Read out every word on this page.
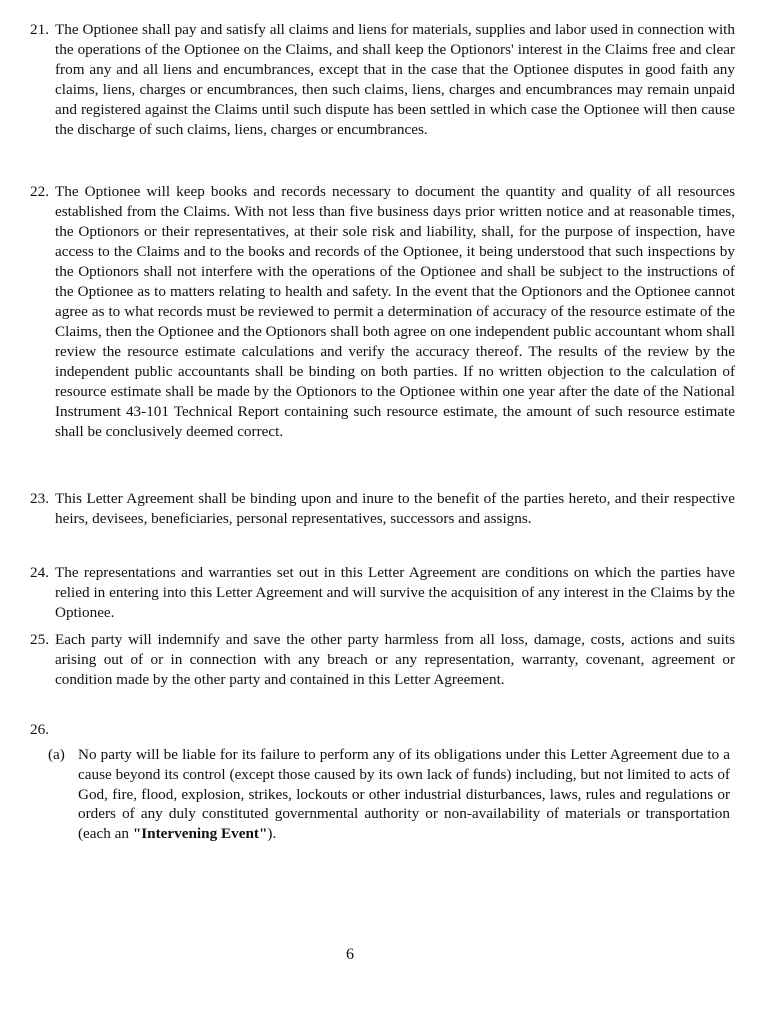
21. The Optionee shall pay and satisfy all claims and liens for materials, supplies and labor used in connection with the operations of the Optionee on the Claims, and shall keep the Optionors' interest in the Claims free and clear from any and all liens and encumbrances, except that in the case that the Optionee disputes in good faith any claims, liens, charges or encumbrances, then such claims, liens, charges and encumbrances may remain unpaid and registered against the Claims until such dispute has been settled in which case the Optionee will then cause the discharge of such claims, liens, charges or encumbrances.
22. The Optionee will keep books and records necessary to document the quantity and quality of all resources established from the Claims. With not less than five business days prior written notice and at reasonable times, the Optionors or their representatives, at their sole risk and liability, shall, for the purpose of inspection, have access to the Claims and to the books and records of the Optionee, it being understood that such inspections by the Optionors shall not interfere with the operations of the Optionee and shall be subject to the instructions of the Optionee as to matters relating to health and safety. In the event that the Optionors and the Optionee cannot agree as to what records must be reviewed to permit a determination of accuracy of the resource estimate of the Claims, then the Optionee and the Optionors shall both agree on one independent public accountant whom shall review the resource estimate calculations and verify the accuracy thereof. The results of the review by the independent public accountants shall be binding on both parties. If no written objection to the calculation of resource estimate shall be made by the Optionors to the Optionee within one year after the date of the National Instrument 43-101 Technical Report containing such resource estimate, the amount of such resource estimate shall be conclusively deemed correct.
23. This Letter Agreement shall be binding upon and inure to the benefit of the parties hereto, and their respective heirs, devisees, beneficiaries, personal representatives, successors and assigns.
24. The representations and warranties set out in this Letter Agreement are conditions on which the parties have relied in entering into this Letter Agreement and will survive the acquisition of any interest in the Claims by the Optionee.
25. Each party will indemnify and save the other party harmless from all loss, damage, costs, actions and suits arising out of or in connection with any breach or any representation, warranty, covenant, agreement or condition made by the other party and contained in this Letter Agreement.
26.
(a) No party will be liable for its failure to perform any of its obligations under this Letter Agreement due to a cause beyond its control (except those caused by its own lack of funds) including, but not limited to acts of God, fire, flood, explosion, strikes, lockouts or other industrial disturbances, laws, rules and regulations or orders of any duly constituted governmental authority or non-availability of materials or transportation (each an "Intervening Event").
6
